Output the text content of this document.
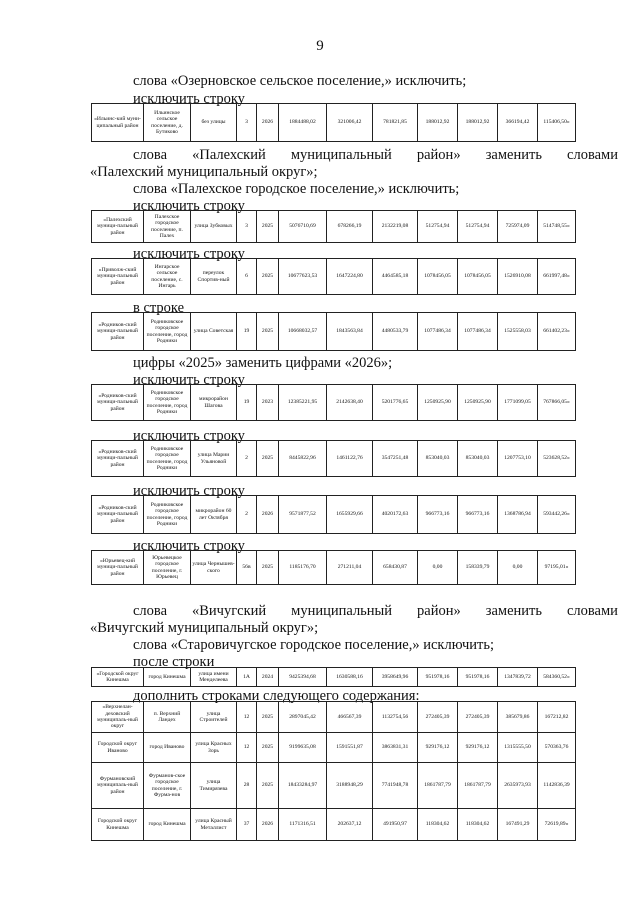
9
слова «Озерновское сельское поселение,» исключить;
исключить строку
«Ильинс-кий муни-ципальный район	Ильинское сельское поселение, д. Бутиково	без улицы	3	2026	1884488,02	321006,42	781821,85	188012,92	188012,92	366194,42	115406,50»
слова «Палехский муниципальный район» заменить словами
«Палехский муниципальный округ»;
слова «Палехское городское поселение,» исключить;
исключить строку
«Палехский муници-пальный район	Палехское городское поселение, п. Палех	улица Зубковых	3	2025	5076710,69	678266,19	2132219,08	512754,94	512754,94	725974,09	514748,55»
исключить строку
«Приволж-ский муници-пальный район	Ингарское сельское поселение, с. Ингарь	переулок Спортив-ный	6	2025	10677623,53	1647224,80	4464585,18	1078456,05	1078456,05	1526910,08	661997,48»
в строке
«Родников-ский муници-пальный район	Родниковское городское поселение, город Родники	улица Советская	19	2025	10668032,57	1843563,84	4480533,79	1077486,34	1077486,34	1525558,03	661402,23»
цифры «2025» заменить цифрами «2026»;
исключить строку
«Родников-ский муници-пальный район	Родниковское городское поселение, город Родники	микрорайон Шагова	19	2023	12385221,95	2142638,40	5201776,65	1250925,90	1250925,90	1771099,05	767866,05»
исключить строку
«Родников-ский муници-пальный район	Родниковское городское поселение, город Родники	улица Марии Ульяновой	2	2025	8445822,96	1461122,76	3547251,48	853040,03	853040,03	1207753,10	523628,52»
исключить строку
«Родников-ский муници-пальный район	Родниковское городское поселение, город Родники	микрорайон 60 лет Октября	2	2026	9571877,52	1655929,66	4020172,63	966773,16	966773,16	1368786,94	593442,26»
исключить строку
«Юрьевец-кий муници-пальный район	Юрьевецкое городское поселение, г. Юрьевец	улица Чернышев-ского	56в	2025	1185176,70	271211,04	658430,87	0,00	158339,79	0,00	97195,01»
слова «Вичугский муниципальный район» заменить словами
«Вичугский муниципальный округ»;
слова «Старовичугское городское поселение,» исключить;
после строки
«Городской округ Кинешма	город Кинешма	улица имени Менделеева	1А	2024	9425394,68	1630588,16	3958649,96	951978,16	951978,16	1347839,72	584360,52»
дополнить строками следующего содержания:
«Верхнелан-деховский муниципаль-ный округ	п. Верхний Ландех	улица Строителей	12	2025	2897045,42	466567,39	1132754,56	272405,39	272405,39	385679,86	167212,82
Городской округ Иваново	город Иваново	улица Красных Зорь	12	2025	9199635,08	1591551,87	3863831,31	929176,12	929176,12	1315555,50	570363,76
Фурмановский муниципаль-ный район	Фурманов-ское городское поселение, г. Фурма-нов	улица Тимирязева	28	2025	18433284,97	3188948,29	7741948,78	1861787,79	1861787,79	2635973,93	1142836,39
Городской округ Кинешма	город Кинешма	улица Красный Металлист	37	2026	1171316,51	202637,12	491950,97	118304,62	118304,62	167491,29	72619,89»
